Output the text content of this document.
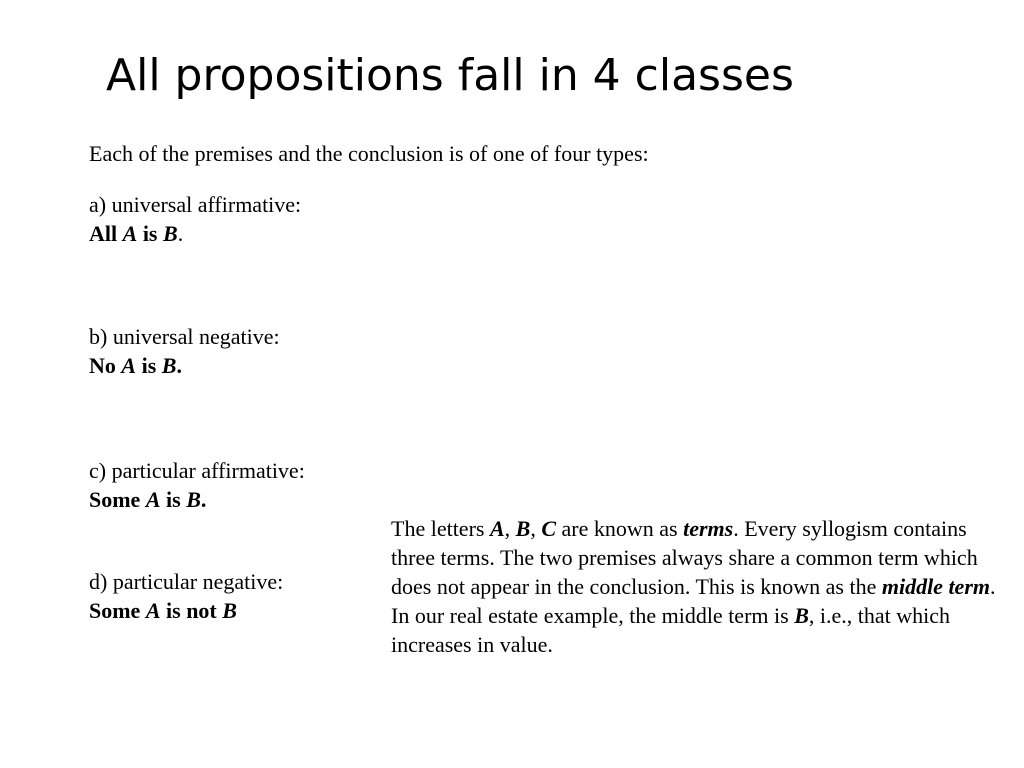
All propositions fall in 4 classes
Each of the premises and the conclusion is of one of four types:
a) universal affirmative:
All A is B.
b) universal negative:
No A is B.
c) particular affirmative:
Some A is B.
d) particular negative:
Some A is not B
The letters A, B, C are known as terms. Every syllogism contains three terms. The two premises always share a common term which does not appear in the conclusion. This is known as the middle term. In our real estate example, the middle term is B, i.e., that which increases in value.
